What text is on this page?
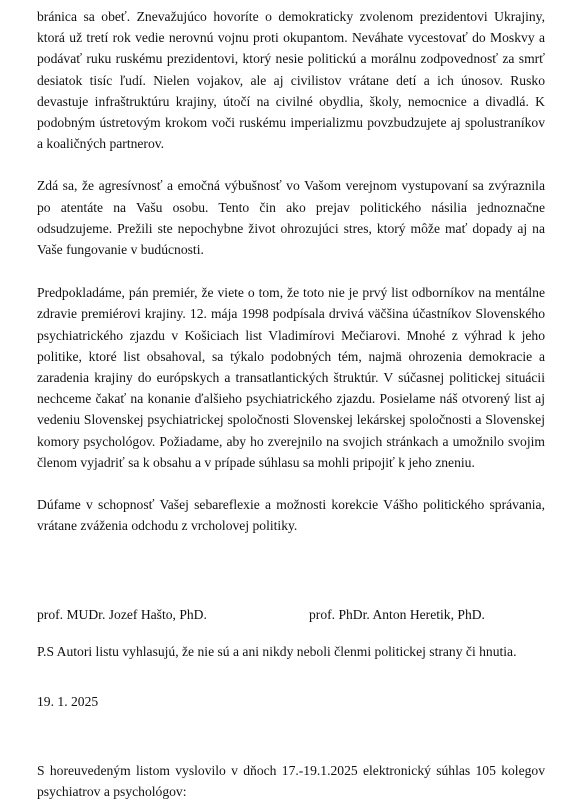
bránica sa obeť. Znevažujúco hovoríte o demokraticky zvolenom prezidentovi Ukrajiny, ktorá už tretí rok vedie nerovnú vojnu proti okupantom. Neváhate vycestovať do Moskvy a podávať ruku ruskému prezidentovi, ktorý nesie politickú a morálnu zodpovednosť za smrť desiatok tisíc ľudí. Nielen vojakov, ale aj civilistov vrátane detí a ich únosov. Rusko devastuje infraštruktúru krajiny, útočí na civilné obydlia, školy, nemocnice a divadlá. K podobným ústretovým krokom voči ruskému imperializmu povzbudzujete aj spolustraníkov a koaličných partnerov.

Zdá sa, že agresívnosť a emočná výbušnosť vo Vašom verejnom vystupovaní sa zvýraznila po atentáte na Vašu osobu. Tento čin ako prejav politického násilia jednoznačne odsudzujeme. Prežili ste nepochybne život ohrozujúci stres, ktorý môže mať dopady aj na Vaše fungovanie v budúcnosti.

Predpokladáme, pán premiér, že viete o tom, že toto nie je prvý list odborníkov na mentálne zdravie premiérovi krajiny. 12. mája 1998 podpísala drvivá väčšina účastníkov Slovenského psychiatrického zjazdu v Košiciach list Vladimírovi Mečiarovi. Mnohé z výhrad k jeho politike, ktoré list obsahoval, sa týkalo podobných tém, najmä ohrozenia demokracie a zaradenia krajiny do európskych a transatlantických štruktúr. V súčasnej politickej situácii nechceme čakať na konanie ďalšieho psychiatrického zjazdu. Posielame náš otvorený list aj vedeniu Slovenskej psychiatrickej spoločnosti Slovenskej lekárskej spoločnosti a Slovenskej komory psychológov. Požiadame, aby ho zverejnilo na svojich stránkach a umožnilo svojim členom vyjadriť sa k obsahu a v prípade súhlasu sa mohli pripojiť k jeho zneniu.

Dúfame v schopnosť Vašej sebareflexie a možnosti korekcie Vášho politického správania, vrátane zváženia odchodu z vrcholovej politiky.

prof. MUDr. Jozef Hašto, PhD.	prof. PhDr. Anton Heretik, PhD.

P.S Autori listu vyhlasujú, že nie sú a ani nikdy neboli členmi politickej strany či hnutia.

19. 1. 2025

S horeuvedeným listom vyslovilo v dňoch 17.-19.1.2025 elektronický súhlas 105 kolegov psychiatrov a psychológov:
